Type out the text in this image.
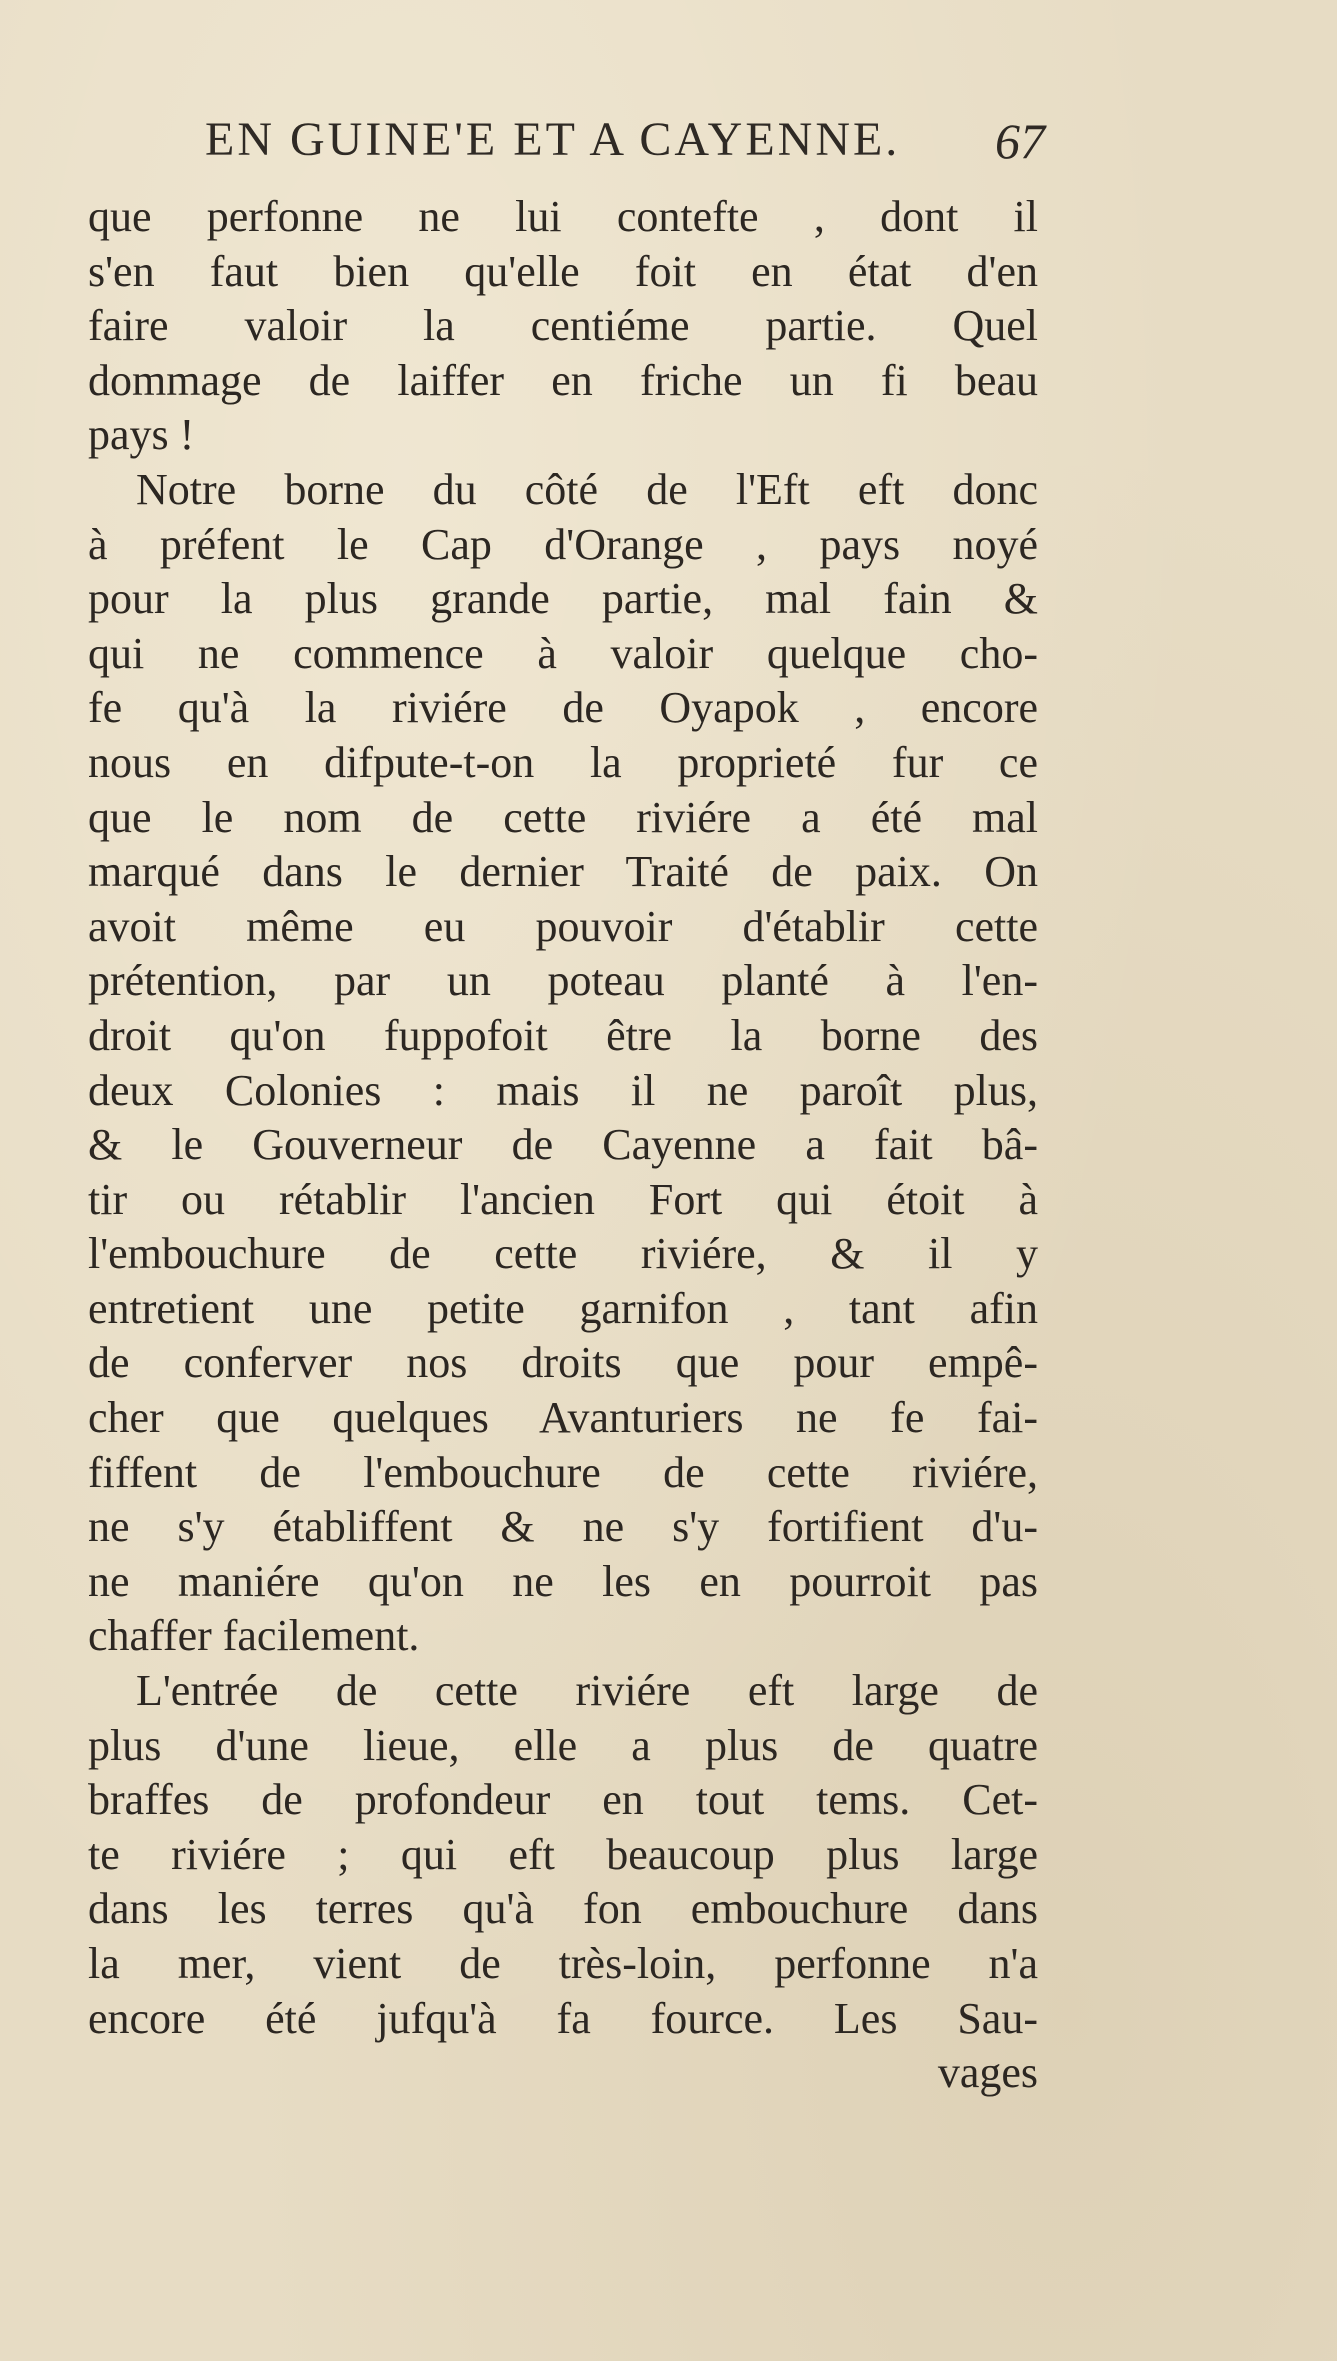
EN GUINE'E ET A CAYENNE. 67
que perfonne ne lui contefte , dont il
s'en faut bien qu'elle foit en état d'en
faire valoir la centiéme partie. Quel
dommage de laiffer en friche un fi beau
pays !
Notre borne du côté de l'Eft eft donc
à préfent le Cap d'Orange , pays noyé
pour la plus grande partie, mal fain &
qui ne commence à valoir quelque cho-
fe qu'à la riviére de Oyapok , encore
nous en difpute-t-on la proprieté fur ce
que le nom de cette riviére a été mal
marqué dans le dernier Traité de paix. On
avoit même eu pouvoir d'établir cette
prétention, par un poteau planté à l'en-
droit qu'on fuppofoit être la borne des
deux Colonies : mais il ne paroît plus,
& le Gouverneur de Cayenne a fait bâ-
tir ou rétablir l'ancien Fort qui étoit à
l'embouchure de cette riviére, & il y
entretient une petite garnifon , tant afin
de conferver nos droits que pour empê-
cher que quelques Avanturiers ne fe fai-
fiffent de l'embouchure de cette riviére,
ne s'y établiffent & ne s'y fortifient d'u-
ne maniére qu'on ne les en pourroit pas
chaffer facilement.
L'entrée de cette riviére eft large de
plus d'une lieue, elle a plus de quatre
braffes de profondeur en tout tems. Cet-
te riviére ; qui eft beaucoup plus large
dans les terres qu'à fon embouchure dans
la mer, vient de très-loin, perfonne n'a
encore été jufqu'à fa fource. Les Sau-
vages
